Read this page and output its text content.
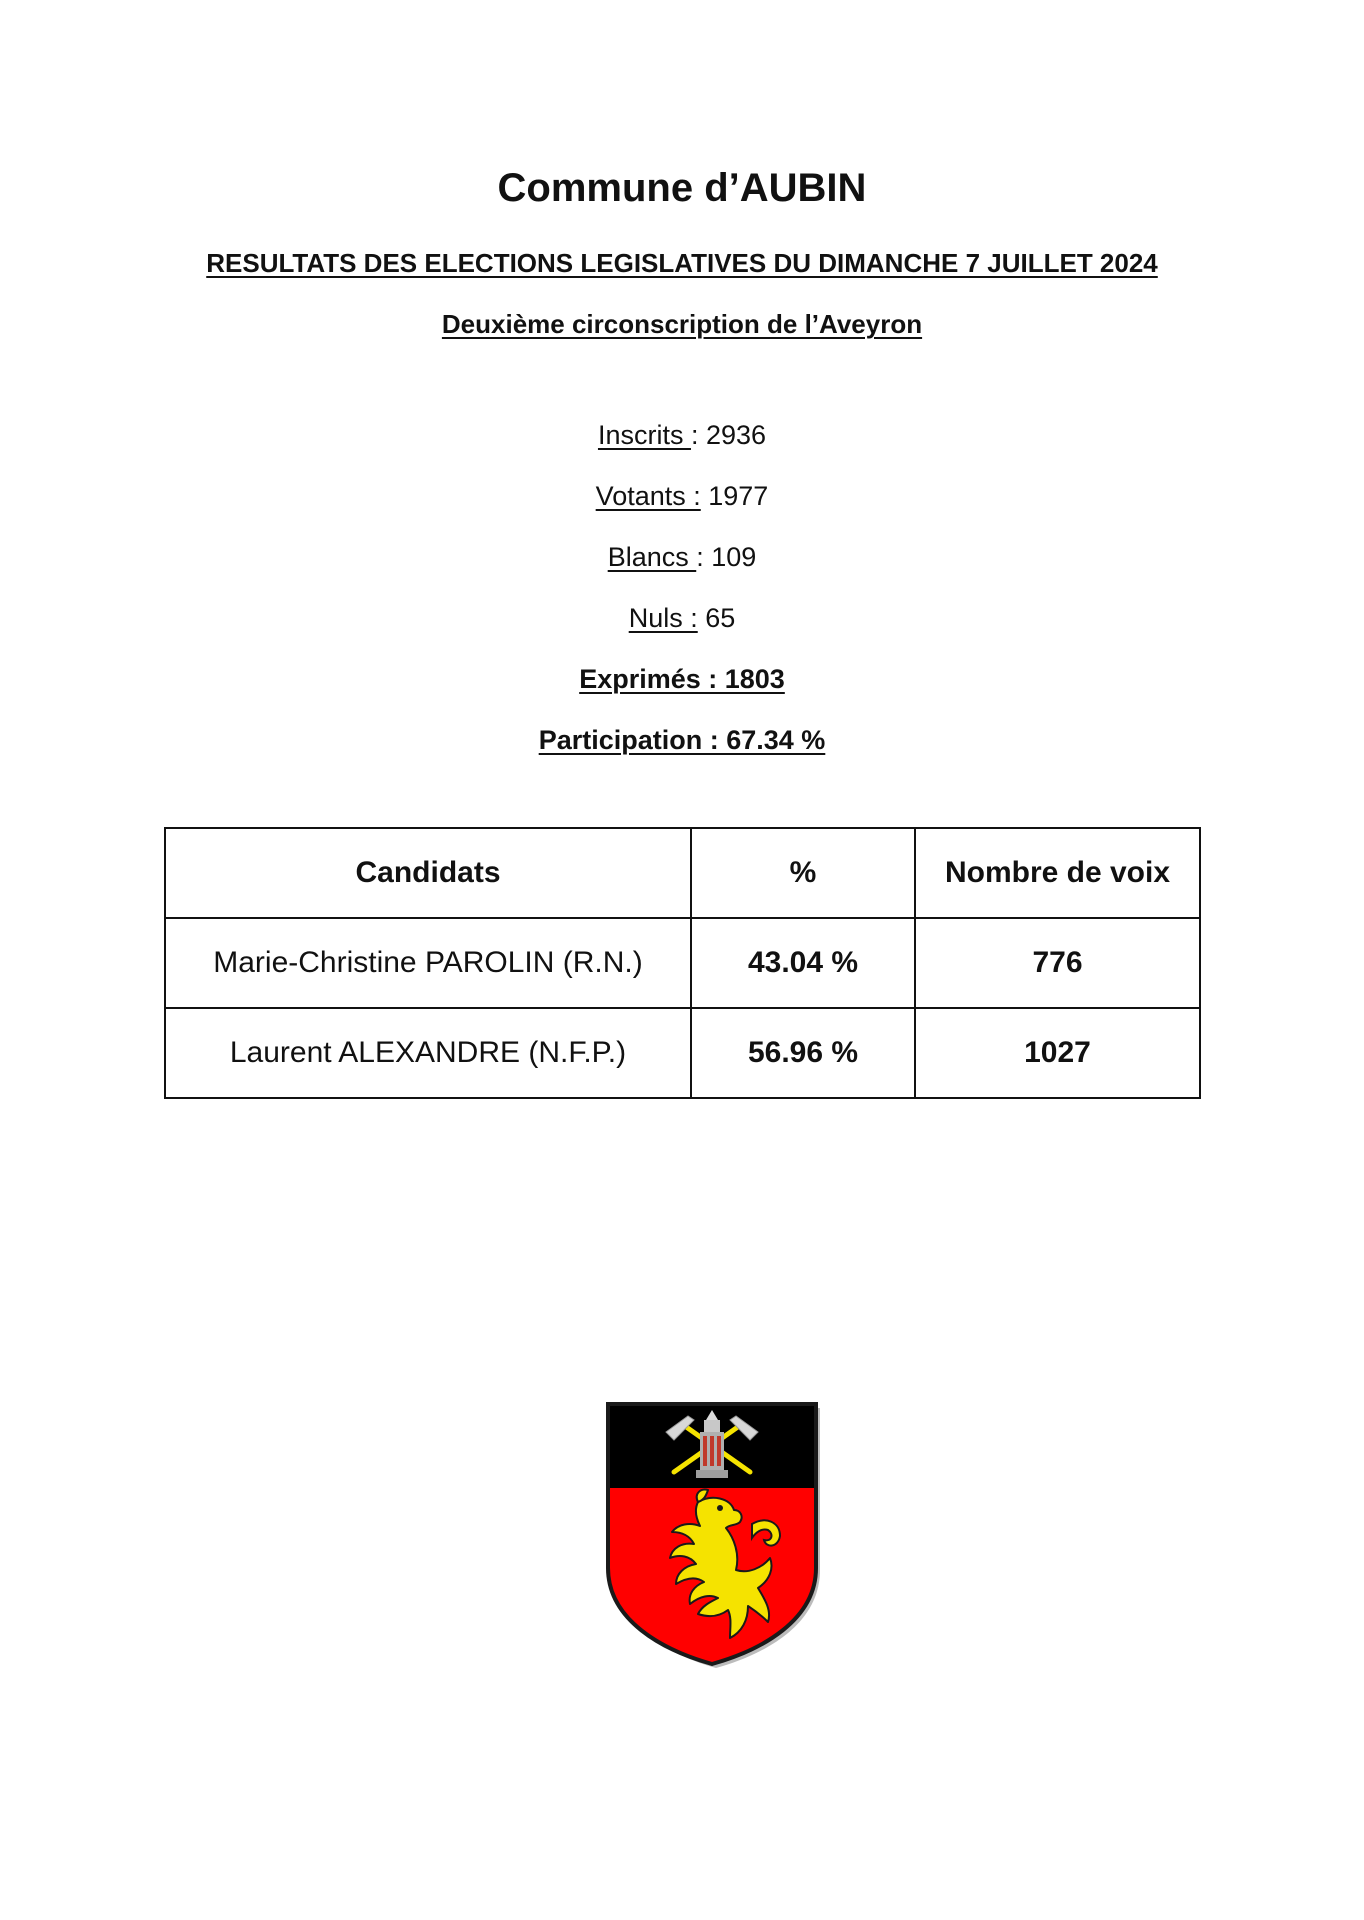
Commune d’AUBIN
RESULTATS DES ELECTIONS LEGISLATIVES DU DIMANCHE 7 JUILLET 2024
Deuxième circonscription de l’Aveyron
Inscrits : 2936
Votants : 1977
Blancs : 109
Nuls : 65
Exprimés : 1803
Participation : 67.34 %
Candidats	%	Nombre de voix
Marie-Christine PAROLIN (R.N.)	43.04 %	776
Laurent ALEXANDRE (N.F.P.)	56.96 %	1027
